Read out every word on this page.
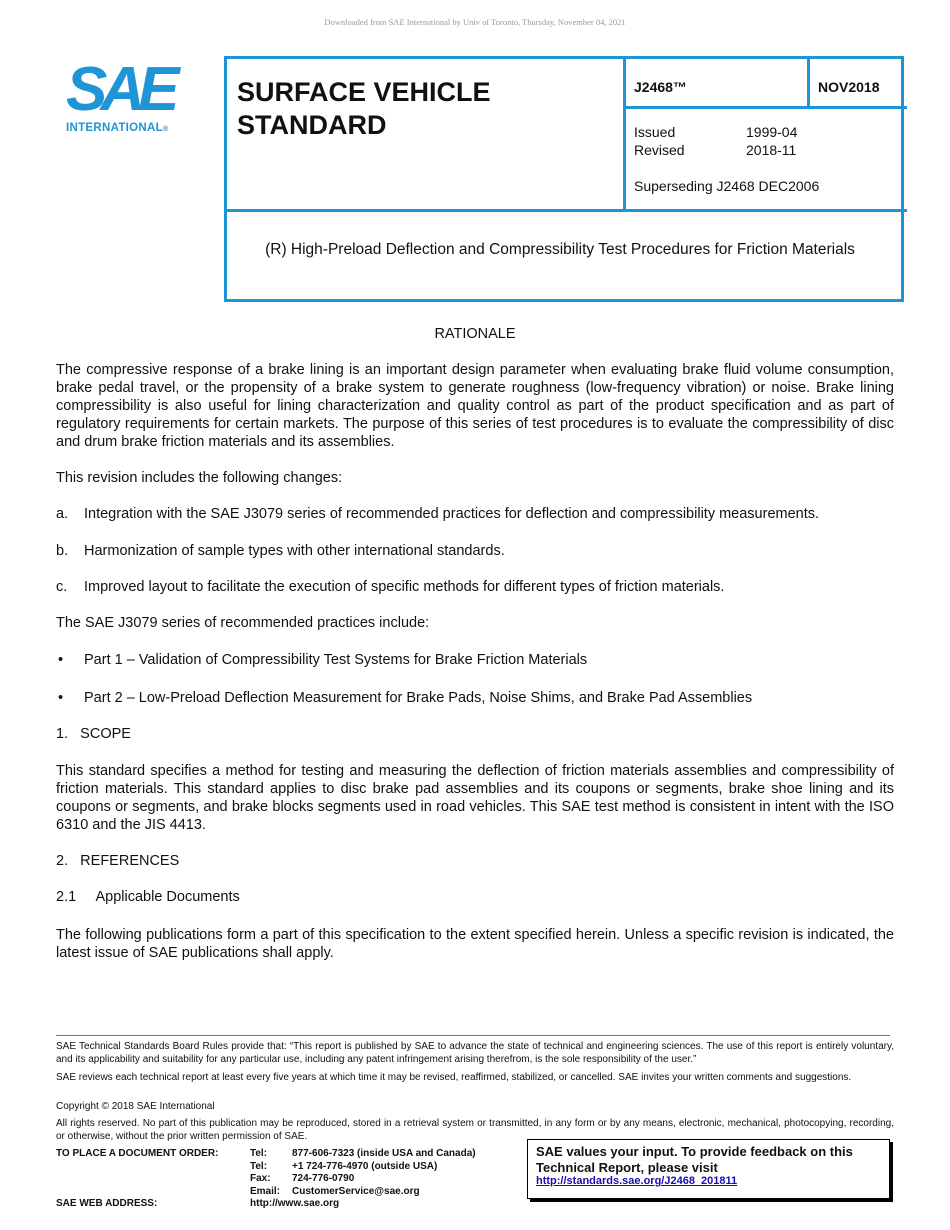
Downloaded from SAE International by Univ of Toronto, Thursday, November 04, 2021
SAE
INTERNATIONAL®
SURFACE VEHICLE
STANDARD
J2468™	NOV2018
Issued	1999-04
Revised	2018-11
Superseding J2468 DEC2006
(R) High-Preload Deflection and Compressibility Test Procedures for Friction Materials
RATIONALE
The compressive response of a brake lining is an important design parameter when evaluating brake fluid volume consumption, brake pedal travel, or the propensity of a brake system to generate roughness (low-frequency vibration) or noise. Brake lining compressibility is also useful for lining characterization and quality control as part of the product specification and as part of regulatory requirements for certain markets. The purpose of this series of test procedures is to evaluate the compressibility of disc and drum brake friction materials and its assemblies.
This revision includes the following changes:
a. Integration with the SAE J3079 series of recommended practices for deflection and compressibility measurements.
b. Harmonization of sample types with other international standards.
c. Improved layout to facilitate the execution of specific methods for different types of friction materials.
The SAE J3079 series of recommended practices include:
• Part 1 – Validation of Compressibility Test Systems for Brake Friction Materials
• Part 2 – Low-Preload Deflection Measurement for Brake Pads, Noise Shims, and Brake Pad Assemblies
1.   SCOPE
This standard specifies a method for testing and measuring the deflection of friction materials assemblies and compressibility of friction materials. This standard applies to disc brake pad assemblies and its coupons or segments, brake shoe lining and its coupons or segments, and brake blocks segments used in road vehicles. This SAE test method is consistent in intent with the ISO 6310 and the JIS 4413.
2.   REFERENCES
2.1     Applicable Documents
The following publications form a part of this specification to the extent specified herein. Unless a specific revision is indicated, the latest issue of SAE publications shall apply.
SAE Technical Standards Board Rules provide that: “This report is published by SAE to advance the state of technical and engineering sciences. The use of this report is entirely voluntary, and its applicability and suitability for any particular use, including any patent infringement arising therefrom, is the sole responsibility of the user.”
SAE reviews each technical report at least every five years at which time it may be revised, reaffirmed, stabilized, or cancelled. SAE invites your written comments and suggestions.
Copyright © 2018 SAE International
All rights reserved. No part of this publication may be reproduced, stored in a retrieval system or transmitted, in any form or by any means, electronic, mechanical, photocopying, recording, or otherwise, without the prior written permission of SAE.
TO PLACE A DOCUMENT ORDER:	Tel: 877-606-7323 (inside USA and Canada)
Tel: +1 724-776-4970 (outside USA)
Fax: 724-776-0790
Email: CustomerService@sae.org
SAE WEB ADDRESS:	http://www.sae.org
SAE values your input. To provide feedback on this
Technical Report, please visit
http://standards.sae.org/J2468_201811
